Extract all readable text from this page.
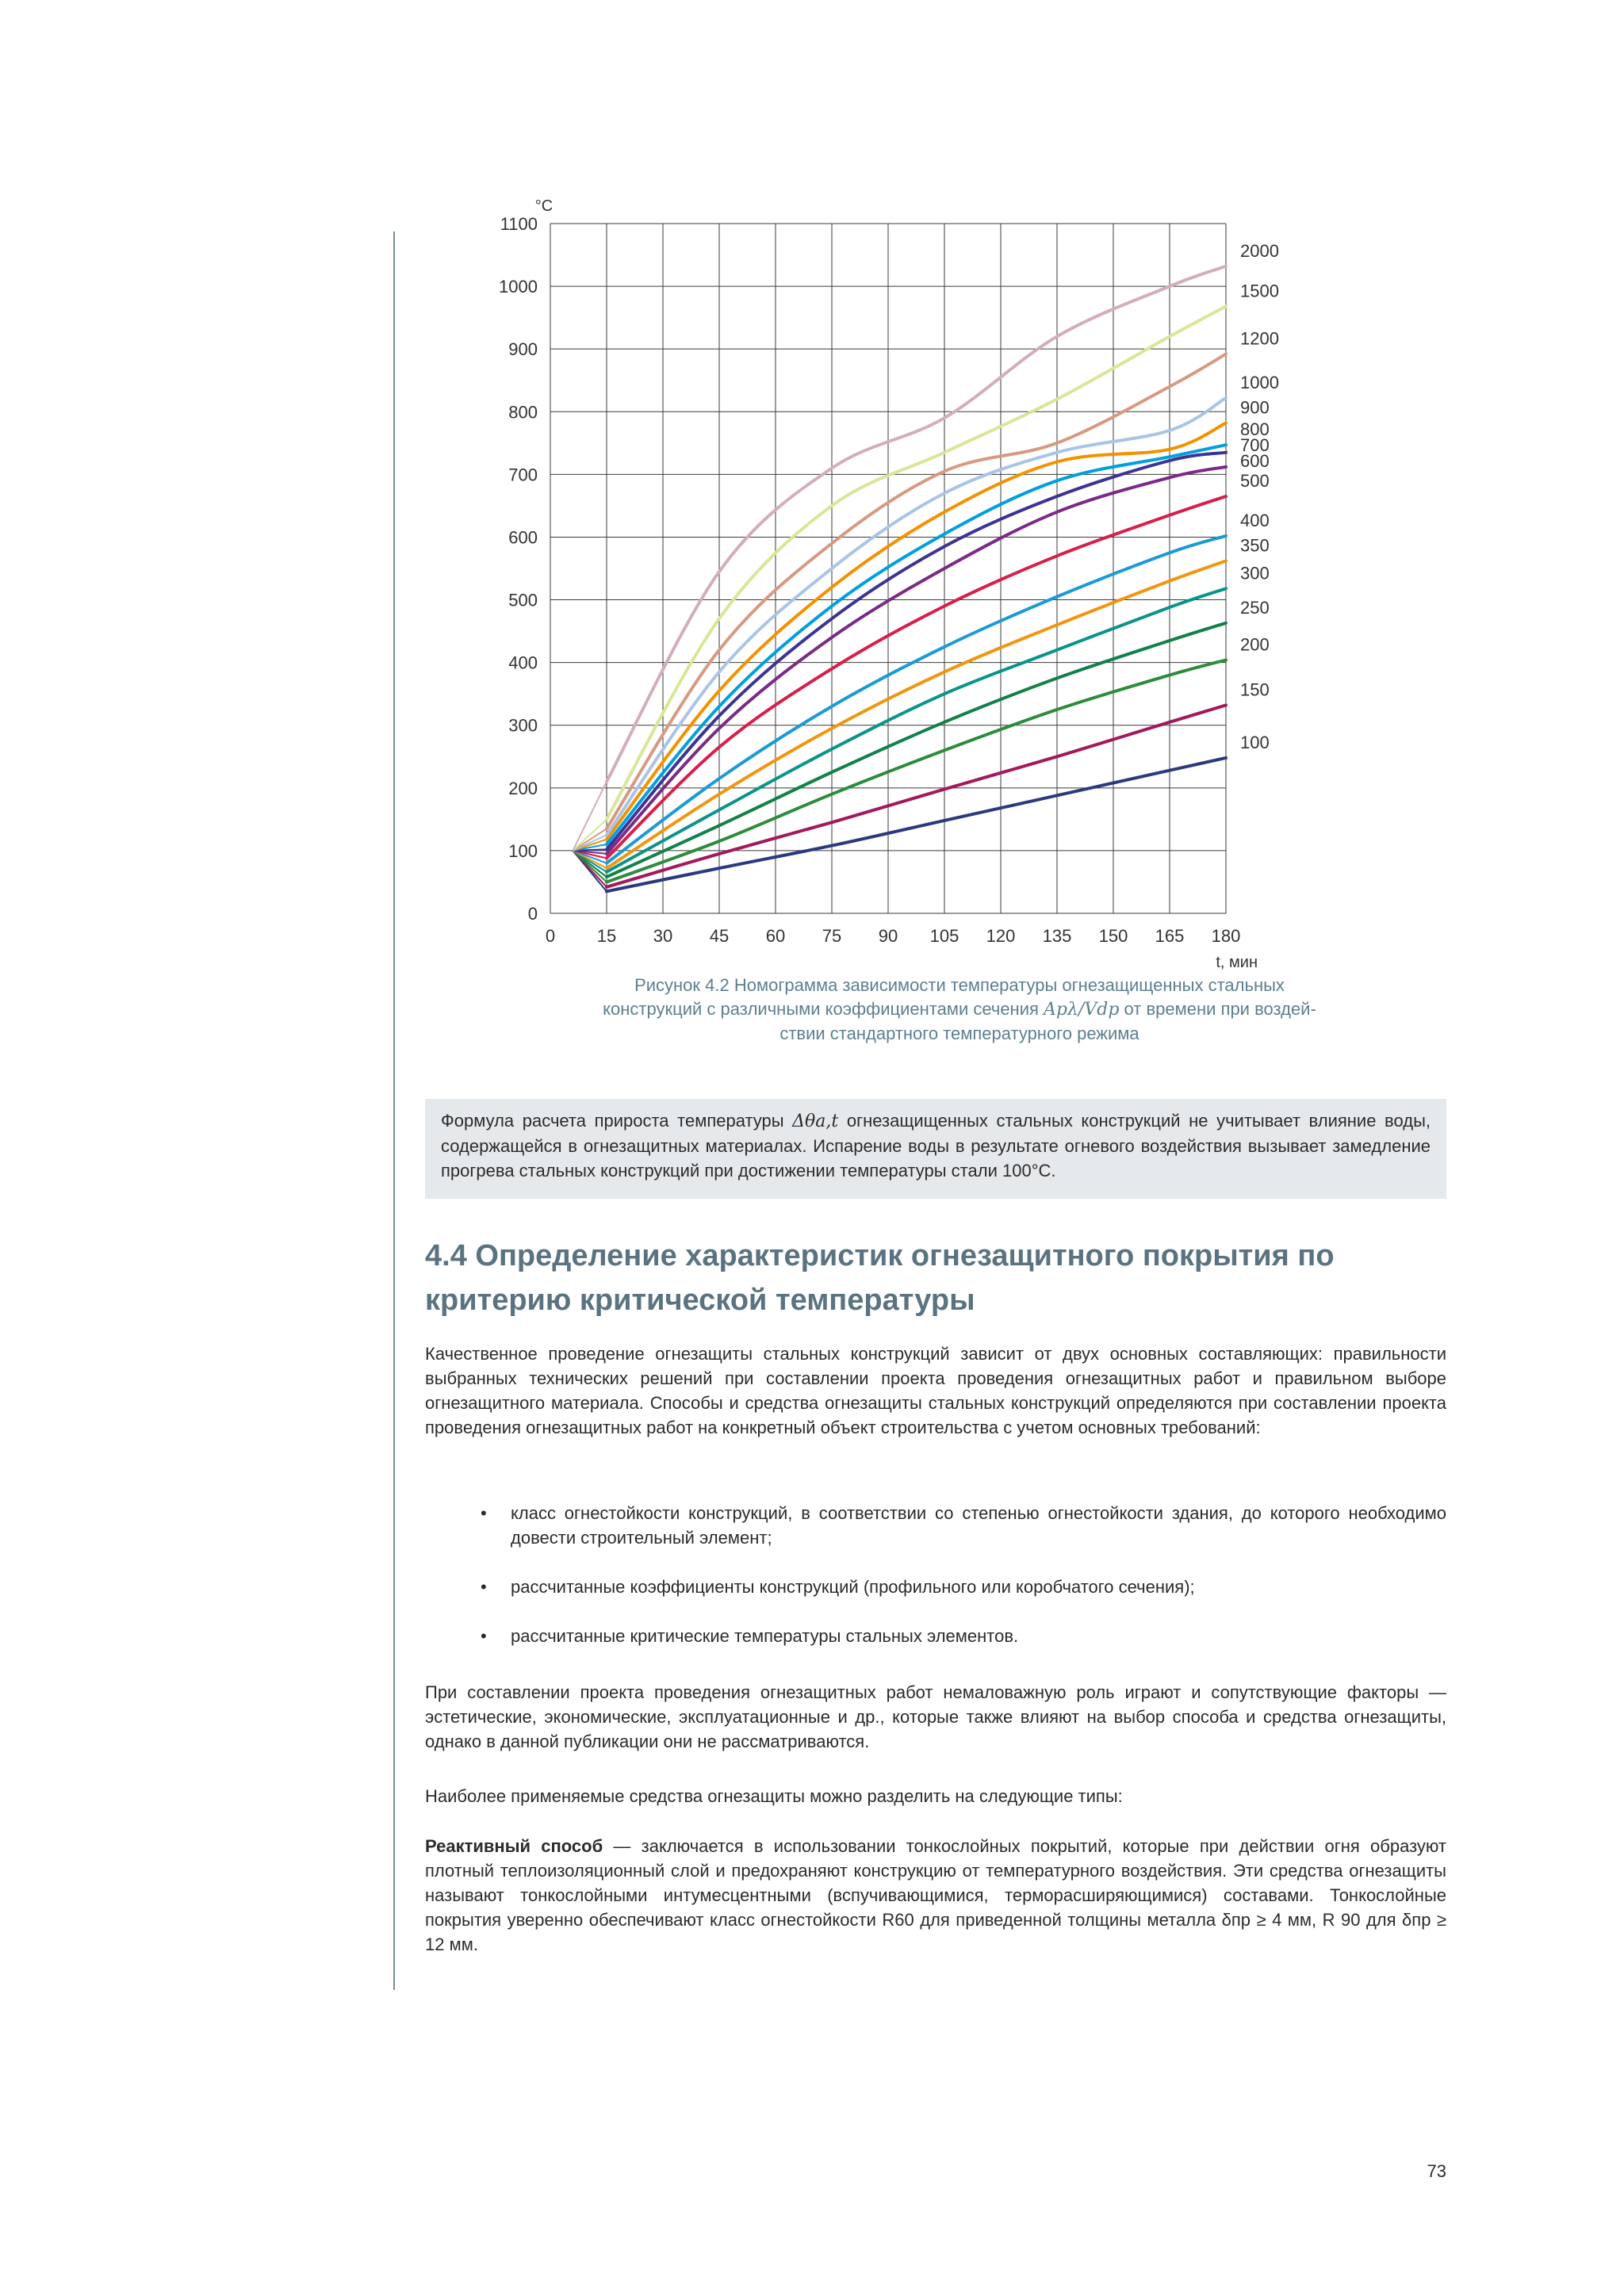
0 15 30 45 60 75 90 105 120 135 150 165 180
0
100
200
300
400
500
600
700
800
900
1000
1100
°C
t, мин
100
150
200
250
300
350
400
500
600
700
800
900
1000
1200
1500
2000
Рисунок 4.2 Номограмма зависимости температуры огнезащищенных стальных
конструкций с различными коэффициентами сечения Apλ/Vdp от времени при воздей-
ствии стандартного температурного режима
Формула расчета прироста температуры Δθa,t огнезащищенных стальных конструкций не учитывает влияние воды, содержащейся в огнезащитных материалах. Испарение воды в результате огневого воздействия вызывает замедление прогрева стальных конструкций при достижении температуры стали 100°C.
4.4 Определение характеристик огнезащитного покрытия по критерию критической температуры
Качественное проведение огнезащиты стальных конструкций зависит от двух основных составляющих: правильности выбранных технических решений при составлении проекта проведения огнезащитных работ и правильном выборе огнезащитного материала. Способы и средства огнезащиты стальных конструкций определяются при составлении проекта проведения огнезащитных работ на конкретный объект строительства с учетом основных требований:
• класс огнестойкости конструкций, в соответствии со степенью огнестойкости здания, до которого необходимо довести строительный элемент;
• рассчитанные коэффициенты конструкций (профильного или коробчатого сечения);
• рассчитанные критические температуры стальных элементов.
При составлении проекта проведения огнезащитных работ немаловажную роль играют и сопутствующие факторы — эстетические, экономические, эксплуатационные и др., которые также влияют на выбор способа и средства огнезащиты, однако в данной публикации они не рассматриваются.
Наиболее применяемые средства огнезащиты можно разделить на следующие типы:
Реактивный способ — заключается в использовании тонкослойных покрытий, которые при действии огня образуют плотный теплоизоляционный слой и предохраняют конструкцию от температурного воздействия. Эти средства огнезащиты называют тонкослойными интумесцентными (вспучивающимися, терморасширяющимися) составами. Тонкослойные покрытия уверенно обеспечивают класс огнестойкости R60 для приведенной толщины металла δпр ≥ 4 мм, R 90 для δпр ≥ 12 мм.
73
